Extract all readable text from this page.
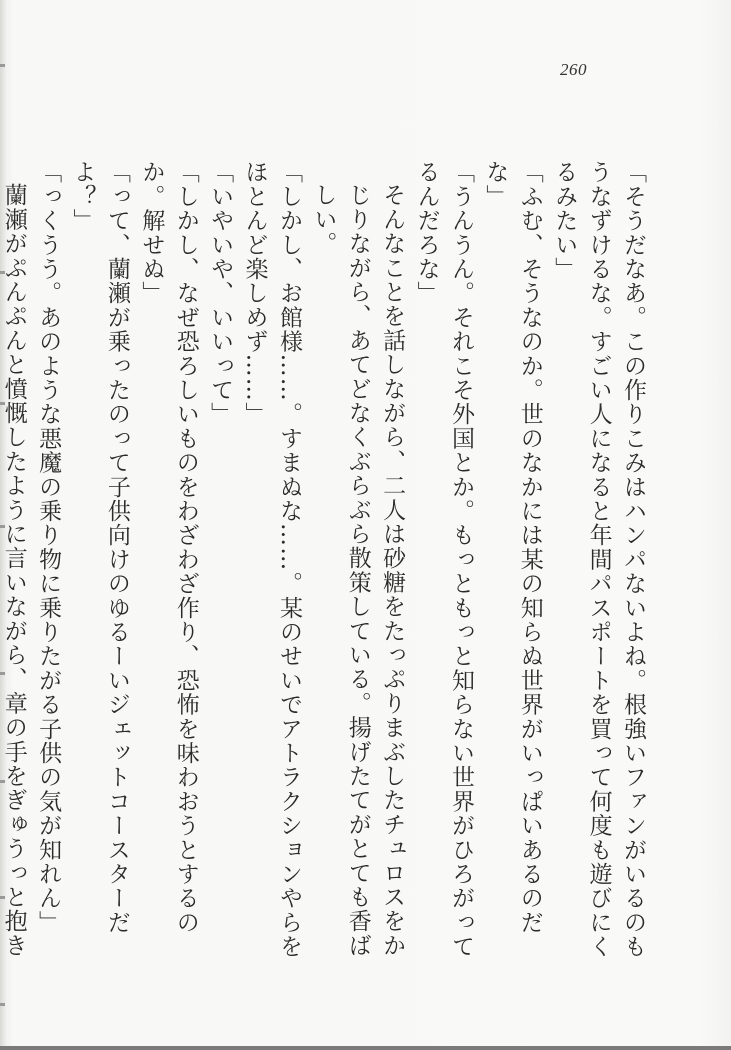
260

「そうだなあ。この作りこみはハンパないよね。根強いファンがいるのもうなずけるな。すごい人になると年間パスポートを買って何度も遊びにくるみたい」

「ふむ、そうなのか。世のなかには某の知らぬ世界がいっぱいあるのだな」

「うんうん。それこそ外国とか。もっともっと知らない世界がひろがってるんだろな」

そんなことを話しながら、二人は砂糖をたっぷりまぶしたチュロスをかじりながら、あてどなくぶらぶら散策している。揚げたてがとても香ばしい。

「しかし、お館様……。すまぬな……。某のせいでアトラクションやらをほとんど楽しめず……」

「いやいや、いいって」

「しかし、なぜ恐ろしいものをわざわざ作り、恐怖を味わおうとするのか。解せぬ」

「って、蘭瀬が乗ったのって子供向けのゆるーいジェットコースターだよ？」

「っくうう。あのような悪魔の乗り物に乗りたがる子供の気が知れん」

蘭瀬がぷんぷんと憤慨したように言いながら、章の手をぎゅうっと抱き
